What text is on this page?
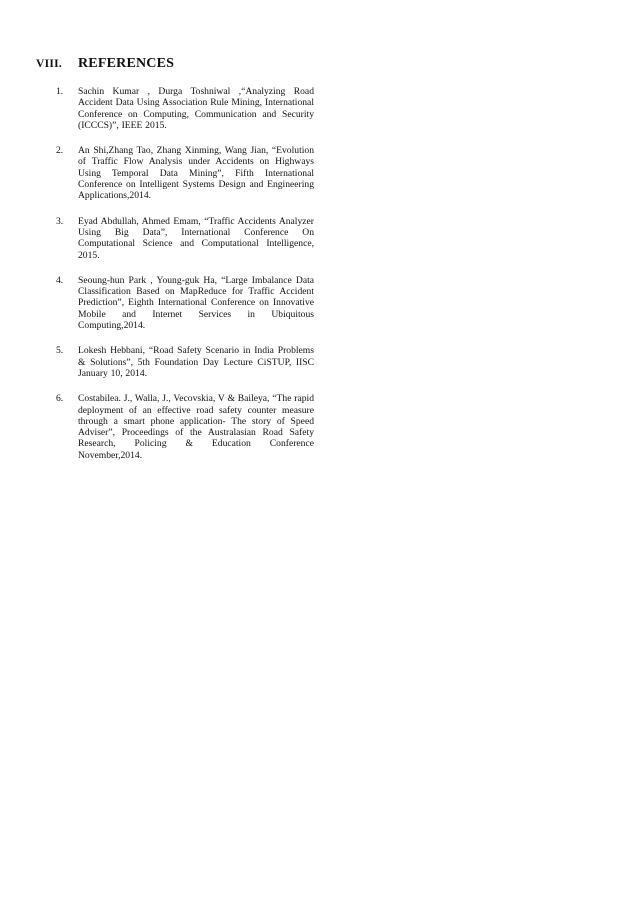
VIII.	REFERENCES
1.	Sachin Kumar , Durga Toshniwal ,“Analyzing Road Accident Data Using Association Rule Mining, International Conference on Computing, Communication and Security (ICCCS)”, IEEE 2015.
2.	An Shi,Zhang Tao, Zhang Xinming, Wang Jian, “Evolution of Traffic Flow Analysis under Accidents on Highways Using Temporal Data Mining”, Fifth International Conference on Intelligent Systems Design and Engineering Applications,2014.
3.	Eyad Abdullah, Ahmed Emam, “Traffic Accidents Analyzer Using Big Data”, International Conference On Computational Science and Computational Intelligence, 2015.
4.	Seoung-hun Park , Young-guk Ha, “Large Imbalance Data Classification Based on MapReduce for Traffic Accident Prediction”, Eighth International Conference on Innovative Mobile and Internet Services in Ubiquitous Computing,2014.
5.	Lokesh Hebbani, “Road Safety Scenario in India Problems & Solutions”, 5th Foundation Day Lecture CiSTUP, IISC January 10, 2014.
6.	Costabilea. J., Walla, J., Vecovskia, V & Baileya, “The rapid deployment of an effective road safety counter measure through a smart phone application- The story of Speed Adviser”, Proceedings of the Australasian Road Safety Research, Policing & Education Conference November,2014.
